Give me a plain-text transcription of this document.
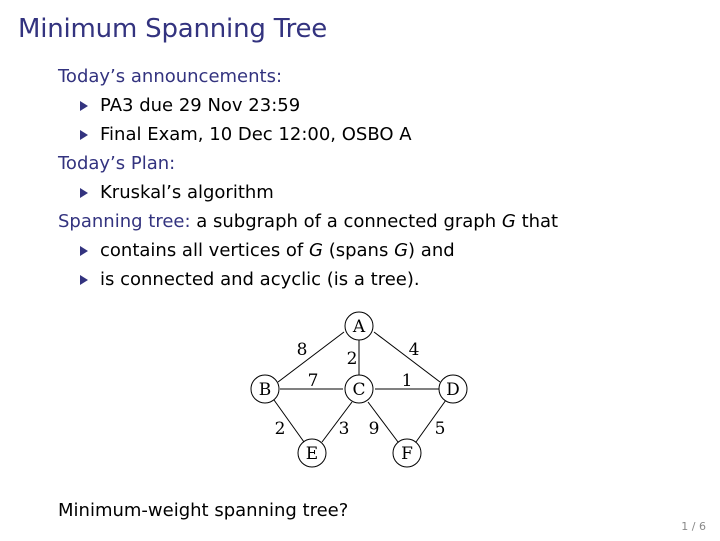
Minimum Spanning Tree
Today’s announcements:
PA3 due 29 Nov 23:59
Final Exam, 10 Dec 12:00, OSBO A
Today’s Plan:
Kruskal’s algorithm
Spanning tree: a subgraph of a connected graph G that
contains all vertices of G (spans G) and
is connected and acyclic (is a tree).
8 2	4
7	1
2	3 9	5
A
B	C	D
E	F
Minimum-weight spanning tree?
1 / 6
